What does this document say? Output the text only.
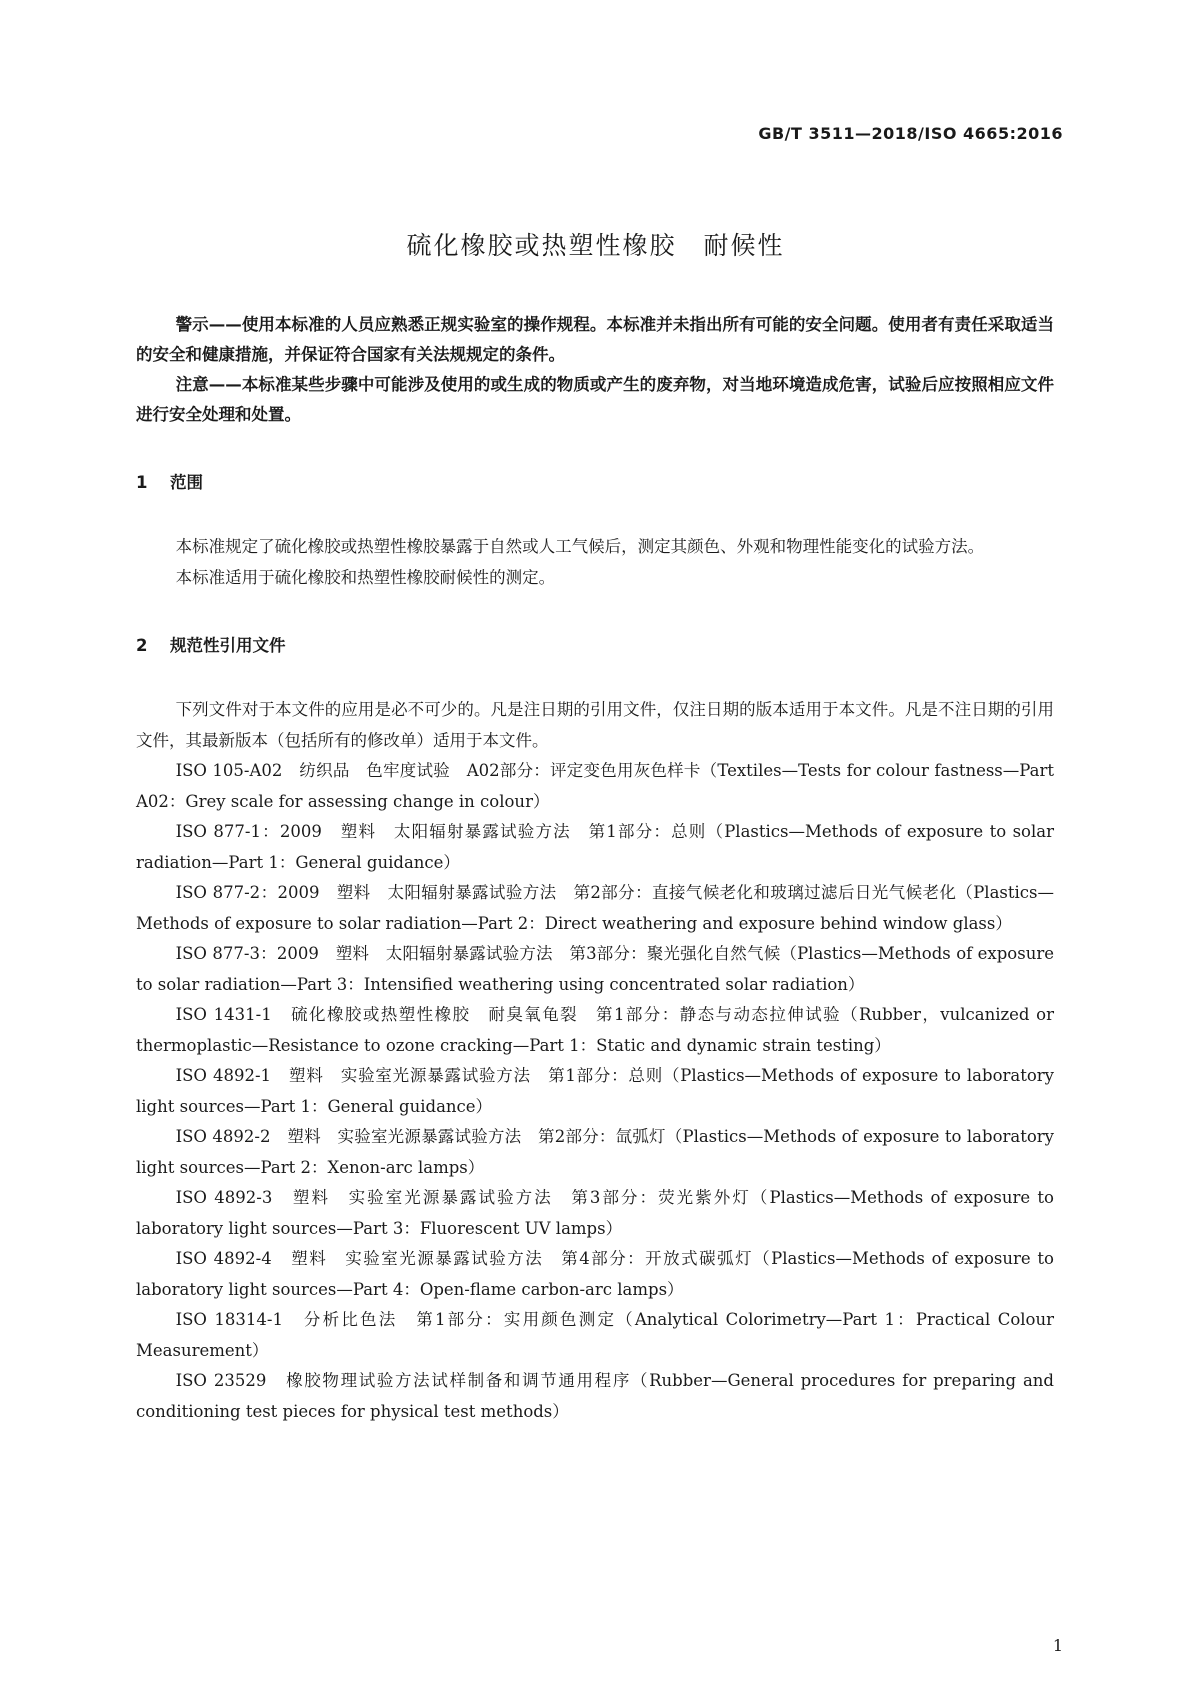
GB/T 3511—2018/ISO 4665:2016
硫化橡胶或热塑性橡胶　耐候性

警示——使用本标准的人员应熟悉正规实验室的操作规程。本标准并未指出所有可能的安全问题。使用者有责任采取适当的安全和健康措施，并保证符合国家有关法规规定的条件。

注意——本标准某些步骤中可能涉及使用的或生成的物质或产生的废弃物，对当地环境造成危害，试验后应按照相应文件进行安全处理和处置。

1 范围

本标准规定了硫化橡胶或热塑性橡胶暴露于自然或人工气候后，测定其颜色、外观和物理性能变化的试验方法。

本标准适用于硫化橡胶和热塑性橡胶耐候性的测定。

2 规范性引用文件

下列文件对于本文件的应用是必不可少的。凡是注日期的引用文件，仅注日期的版本适用于本文件。凡是不注日期的引用文件，其最新版本（包括所有的修改单）适用于本文件。

ISO 105-A02　纺织品　色牢度试验　A02部分：评定变色用灰色样卡（Textiles—Tests for colour fastness—Part A02：Grey scale for assessing change in colour）

ISO 877-1：2009　塑料　太阳辐射暴露试验方法　第1部分：总则（Plastics—Methods of exposure to solar radiation—Part 1：General guidance）

ISO 877-2：2009　塑料　太阳辐射暴露试验方法　第2部分：直接气候老化和玻璃过滤后日光气候老化（Plastics—Methods of exposure to solar radiation—Part 2：Direct weathering and exposure behind window glass）

ISO 877-3：2009　塑料　太阳辐射暴露试验方法　第3部分：聚光强化自然气候（Plastics—Methods of exposure to solar radiation—Part 3：Intensified weathering using concentrated solar radiation）

ISO 1431-1　硫化橡胶或热塑性橡胶　耐臭氧龟裂　第1部分：静态与动态拉伸试验（Rubber，vulcanized or thermoplastic—Resistance to ozone cracking—Part 1：Static and dynamic strain testing）

ISO 4892-1　塑料　实验室光源暴露试验方法　第1部分：总则（Plastics—Methods of exposure to laboratory light sources—Part 1：General guidance）

ISO 4892-2　塑料　实验室光源暴露试验方法　第2部分：氙弧灯（Plastics—Methods of exposure to laboratory light sources—Part 2：Xenon-arc lamps）

ISO 4892-3　塑料　实验室光源暴露试验方法　第3部分：荧光紫外灯（Plastics—Methods of exposure to laboratory light sources—Part 3：Fluorescent UV lamps）

ISO 4892-4　塑料　实验室光源暴露试验方法　第4部分：开放式碳弧灯（Plastics—Methods of exposure to laboratory light sources—Part 4：Open-flame carbon-arc lamps）

ISO 18314-1　分析比色法　第1部分：实用颜色测定（Analytical Colorimetry—Part 1：Practical Colour Measurement）

ISO 23529　橡胶物理试验方法试样制备和调节通用程序（Rubber—General procedures for preparing and conditioning test pieces for physical test methods）

1
